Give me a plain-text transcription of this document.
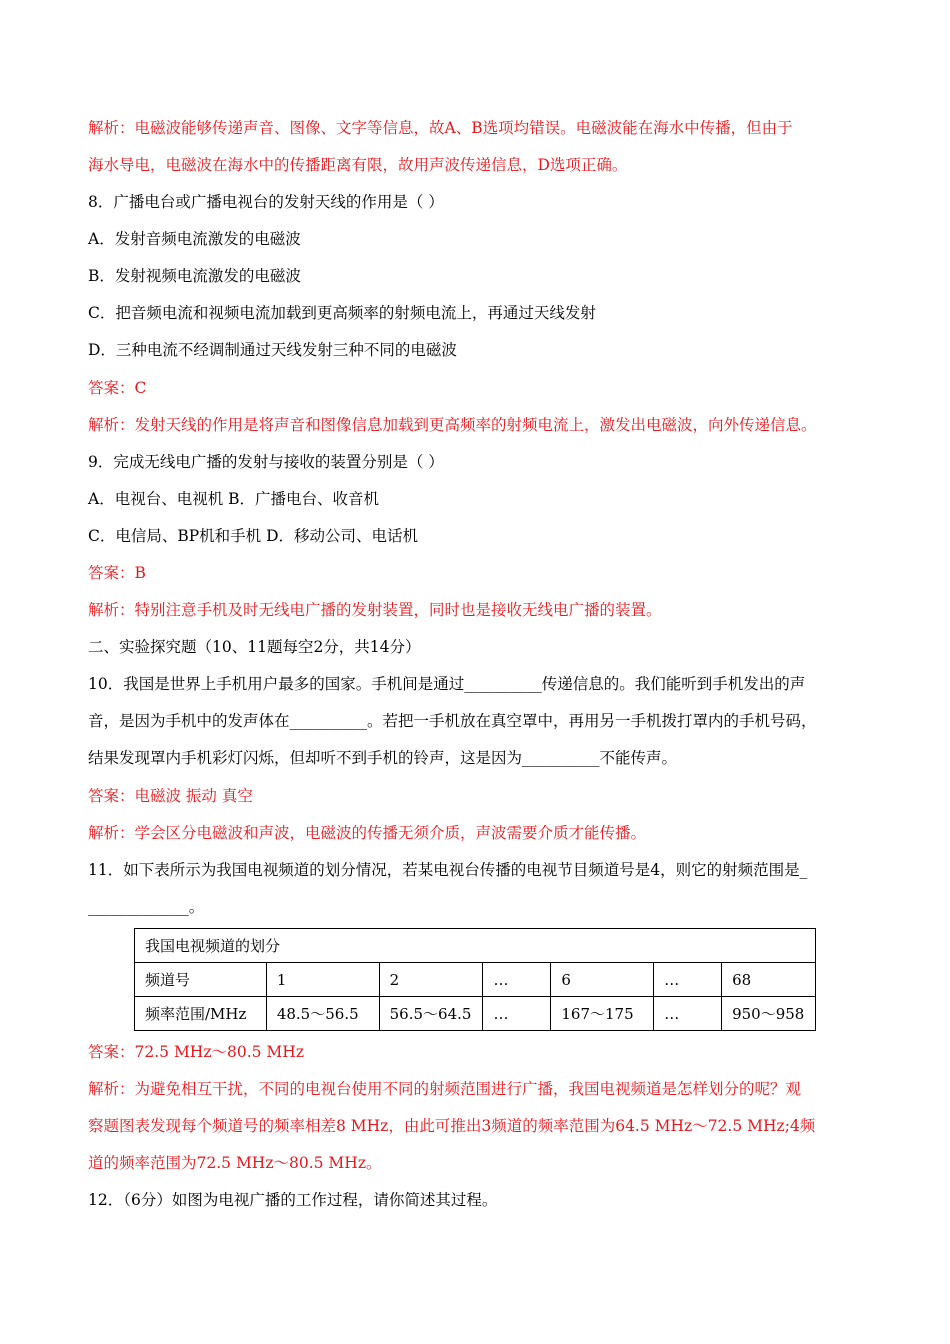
解析：电磁波能够传递声音、图像、文字等信息，故A、B选项均错误。电磁波能在海水中传播，但由于
海水导电，电磁波在海水中的传播距离有限，故用声波传递信息，D选项正确。
8．广播电台或广播电视台的发射天线的作用是（ ）
A．发射音频电流激发的电磁波
B．发射视频电流激发的电磁波
C．把音频电流和视频电流加载到更高频率的射频电流上，再通过天线发射
D．三种电流不经调制通过天线发射三种不同的电磁波
答案：C
解析：发射天线的作用是将声音和图像信息加载到更高频率的射频电流上，激发出电磁波，向外传递信息。
9．完成无线电广播的发射与接收的装置分别是（ ）
A．电视台、电视机 B．广播电台、收音机
C．电信局、BP机和手机 D．移动公司、电话机
答案：B
解析：特别注意手机及时无线电广播的发射装置，同时也是接收无线电广播的装置。
二、实验探究题（10、11题每空2分，共14分）
10．我国是世界上手机用户最多的国家。手机间是通过__________传递信息的。我们能听到手机发出的声
音，是因为手机中的发声体在__________。若把一手机放在真空罩中，再用另一手机拨打罩内的手机号码，
结果发现罩内手机彩灯闪烁，但却听不到手机的铃声，这是因为__________不能传声。
答案：电磁波 振动 真空
解析：学会区分电磁波和声波，电磁波的传播无须介质，声波需要介质才能传播。
11．如下表所示为我国电视频道的划分情况，若某电视台传播的电视节目频道号是4，则它的射频范围是_
_____________。
我国电视频道的划分						
频道号	1	2	…	6	…	68
频率范围/MHz	48.5～56.5	56.5～64.5	…	167～175	…	950～958
答案：72.5 MHz～80.5 MHz
解析：为避免相互干扰，不同的电视台使用不同的射频范围进行广播，我国电视频道是怎样划分的呢？观
察题图表发现每个频道号的频率相差8 MHz，由此可推出3频道的频率范围为64.5 MHz～72.5 MHz;4频
道的频率范围为72.5 MHz～80.5 MHz。
12．（6分）如图为电视广播的工作过程，请你简述其过程。
